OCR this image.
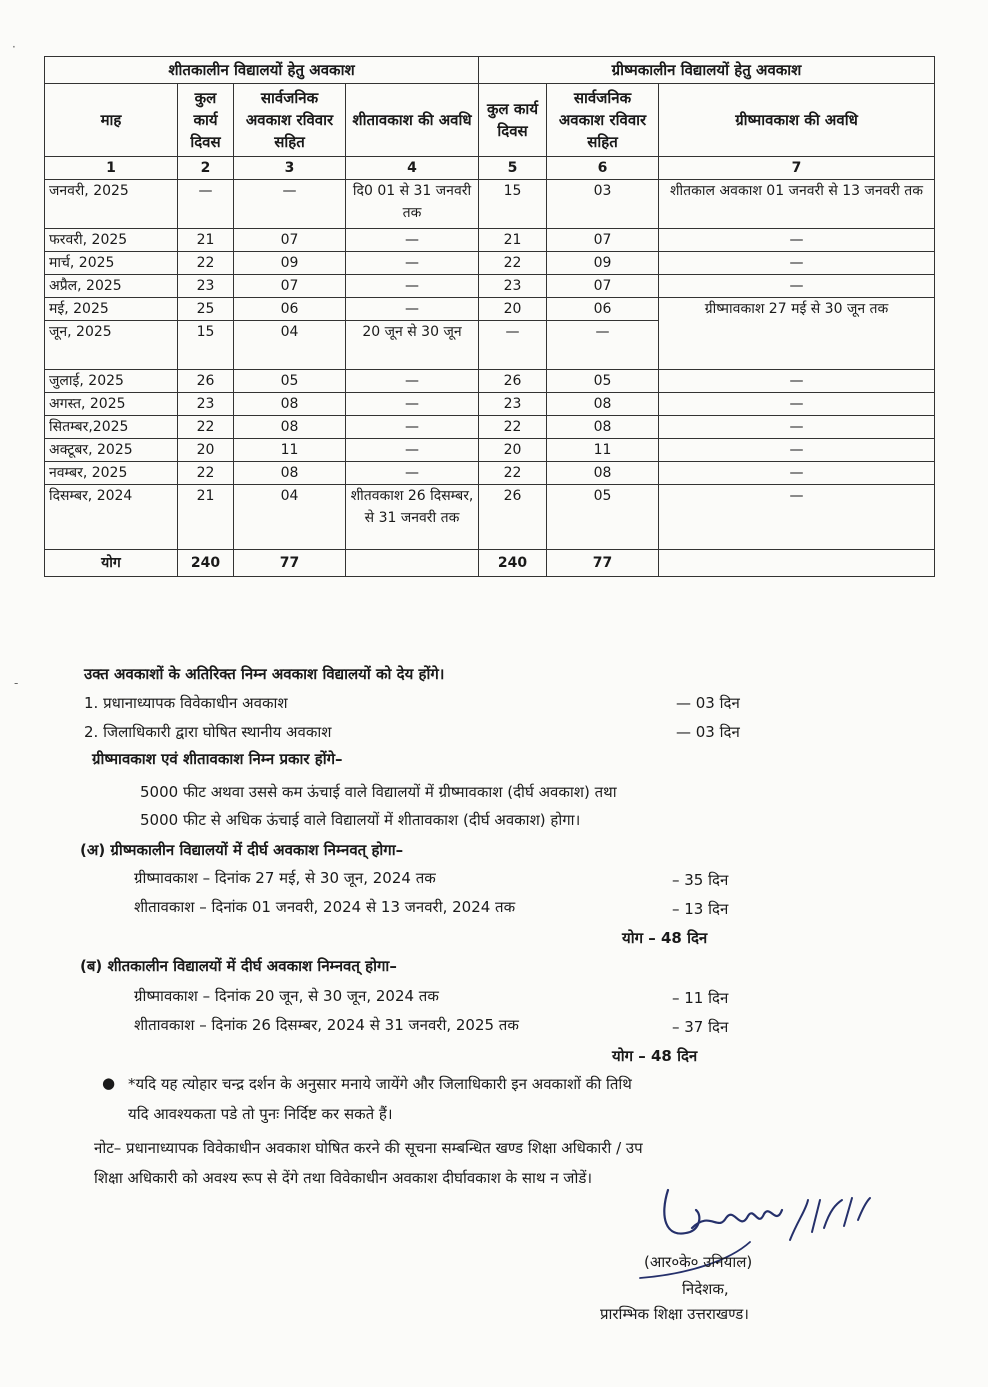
शीतकालीन विद्यालयों हेतु अवकाश				ग्रीष्मकालीन विद्यालयों हेतु अवकाश		
माह	कुल कार्य दिवस	सार्वजनिक अवकाश रविवार सहित	शीतावकाश की अवधि	कुल कार्य दिवस	सार्वजनिक अवकाश रविवार सहित	ग्रीष्मावकाश की अवधि
1	2	3	4	5	6	7
जनवरी, 2025	—	—	दि0 01 से 31 जनवरी तक	15	03	शीतकाल अवकाश 01 जनवरी से 13 जनवरी तक
फरवरी, 2025	21	07	—	21	07	—
मार्च, 2025	22	09	—	22	09	—
अप्रैल, 2025	23	07	—	23	07	—
मई, 2025	25	06	—	20	06	ग्रीष्मावकाश 27 मई से 30 जून तक
जून, 2025	15	04	20 जून से 30 जून	—	—	
जुलाई, 2025	26	05	—	26	05	—
अगस्त, 2025	23	08	—	23	08	—
सितम्बर,2025	22	08	—	22	08	—
अक्टूबर, 2025	20	11	—	20	11	—
नवम्बर, 2025	22	08	—	22	08	—
दिसम्बर, 2024	21	04	शीतवकाश 26 दिसम्बर, से 31 जनवरी तक	26	05	—
योग	240	77		240	77	
उक्त अवकाशों के अतिरिक्त निम्न अवकाश विद्यालयों को देय होंगे।
1. प्रधानाध्यापक विवेकाधीन अवकाश	— 03 दिन
2. जिलाधिकारी द्वारा घोषित स्थानीय अवकाश	— 03 दिन
ग्रीष्मावकाश एवं शीतावकाश निम्न प्रकार होंगे–
5000 फीट अथवा उससे कम ऊंचाई वाले विद्यालयों में ग्रीष्मावकाश (दीर्घ अवकाश) तथा
5000 फीट से अधिक ऊंचाई वाले विद्यालयों में शीतावकाश (दीर्घ अवकाश) होगा।
(अ) ग्रीष्मकालीन विद्यालयों में दीर्घ अवकाश निम्नवत् होगा–
ग्रीष्मावकाश – दिनांक 27 मई, से 30 जून, 2024 तक	– 35 दिन
शीतावकाश – दिनांक 01 जनवरी, 2024 से 13 जनवरी, 2024 तक	– 13 दिन
योग – 48 दिन
(ब) शीतकालीन विद्यालयों में दीर्घ अवकाश निम्नवत् होगा–
ग्रीष्मावकाश – दिनांक 20 जून, से 30 जून, 2024 तक	– 11 दिन
शीतावकाश – दिनांक 26 दिसम्बर, 2024 से 31 जनवरी, 2025 तक	– 37 दिन
योग – 48 दिन
● *यदि यह त्योहार चन्द्र दर्शन के अनुसार मनाये जायेंगे और जिलाधिकारी इन अवकाशों की तिथि
यदि आवश्यकता पडे तो पुनः निर्दिष्ट कर सकते हैं।
नोट– प्रधानाध्यापक विवेकाधीन अवकाश घोषित करने की सूचना सम्बन्धित खण्ड शिक्षा अधिकारी / उप
शिक्षा अधिकारी को अवश्य रूप से देंगे तथा विवेकाधीन अवकाश दीर्घावकाश के साथ न जोडें।
(आर०के० उनियाल)
निदेशक,
प्रारम्भिक शिक्षा उत्तराखण्ड।
·
‐
